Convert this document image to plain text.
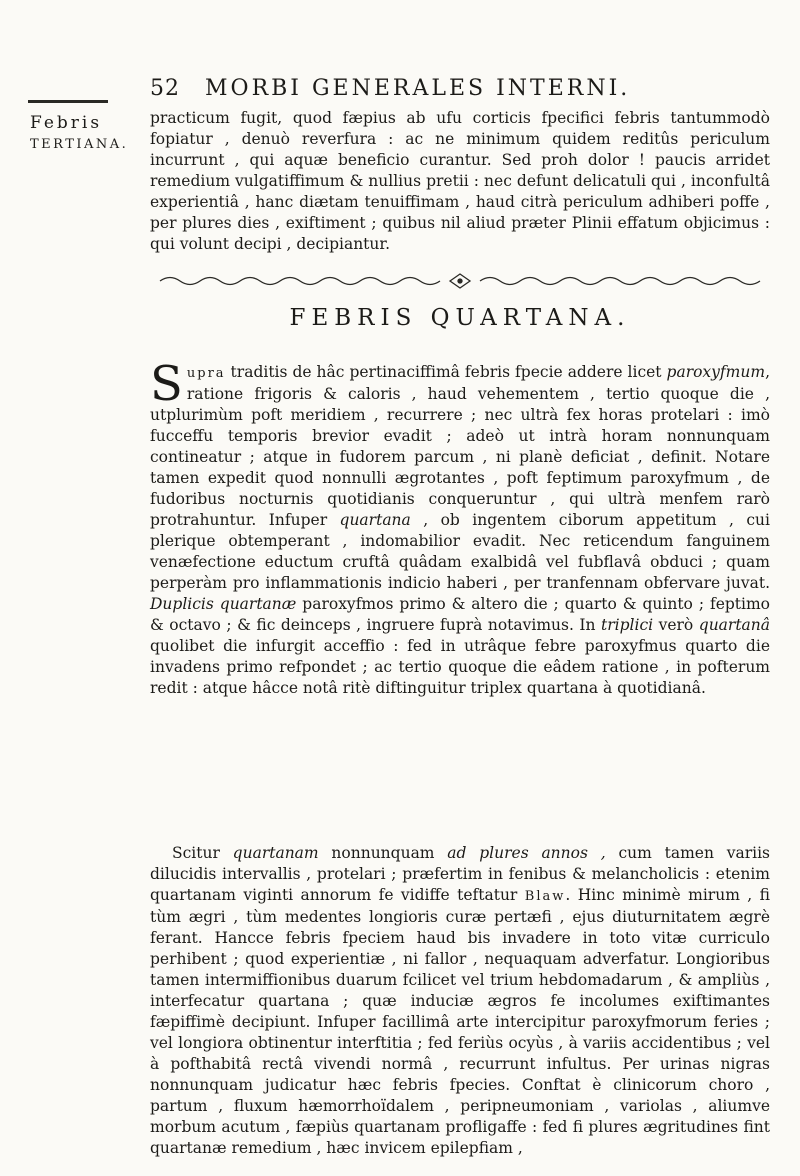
52 MORBI GENERALES INTERNI.
Febris
TERTIANA.
practicum fugit, quod fæpius ab ufu corticis fpecifici febris tantummodò fopiatur , denuò reverfura : ac ne minimum quidem reditûs periculum incurrunt , qui aquæ beneficio curantur. Sed proh dolor ! paucis arridet remedium vulgatiffimum & nullius pretii : nec defunt delicatuli qui , inconfultâ experientiâ , hanc diætam tenuiffimam , haud citrà periculum adhiberi poffe , per plures dies , exiftiment ; quibus nil aliud præter Plinii effatum objicimus : qui volunt decipi , decipiantur.
FEBRIS QUARTANA.
Supra traditis de hâc pertinaciffimâ febris fpecie addere licet paroxyfmum, ratione frigoris & caloris , haud vehementem , tertio quoque die , utplurimùm poft meridiem , recurrere ; nec ultrà fex horas protelari : imò fucceffu temporis brevior evadit ; adeò ut intrà horam nonnunquam contineatur ; atque in fudorem parcum , ni planè deficiat , definit. Notare tamen expedit quod nonnulli ægrotantes , poft feptimum paroxyfmum , de fudoribus nocturnis quotidianis conqueruntur , qui ultrà menfem rarò protrahuntur. Infuper quartana , ob ingentem ciborum appetitum , cui plerique obtemperant , indomabilior evadit. Nec reticendum fanguinem venæfectione eductum cruftâ quâdam exalbidâ vel fubflavâ obduci ; quam perperàm pro inflammationis indicio haberi , per tranfennam obfervare juvat. Duplicis quartanæ paroxyfmos primo & altero die ; quarto & quinto ; feptimo & octavo ; & fic deinceps , ingruere fuprà notavimus. In triplici verò quartanâ quolibet die infurgit acceffio : fed in utrâque febre paroxyfmus quarto die invadens primo refpondet ; ac tertio quoque die eâdem ratione , in pofterum redit : atque hâcce notâ ritè diftinguitur triplex quartana à quotidianâ.
Scitur quartanam nonnunquam ad plures annos , cum tamen variis dilucidis intervallis , protelari ; præfertim in fenibus & melancholicis : etenim quartanam viginti annorum fe vidiffe teftatur Blaw. Hinc minimè mirum , fi tùm ægri , tùm medentes longioris curæ pertæfi , ejus diuturnitatem ægrè ferant. Hancce febris fpeciem haud bis invadere in toto vitæ curriculo perhibent ; quod experientiæ , ni fallor , nequaquam adverfatur. Longioribus tamen intermiffionibus duarum fcilicet vel trium hebdomadarum , & ampliùs , interfecatur quartana ; quæ induciæ ægros fe incolumes exiftimantes fæpiffimè decipiunt. Infuper facillimâ arte intercipitur paroxyfmorum feries ; vel longiora obtinentur interftitia ; fed feriùs ocyùs , à variis accidentibus ; vel à pofthabitâ rectâ vivendi normâ , recurrunt infultus. Per urinas nigras nonnunquam judicatur hæc febris fpecies. Conftat è clinicorum choro , partum , fluxum hæmorrhoïdalem , peripneumoniam , variolas , aliumve morbum acutum , fæpiùs quartanam profligaffe : fed fi plures ægritudines fint quartanæ remedium , hæc invicem epilepfiam ,
